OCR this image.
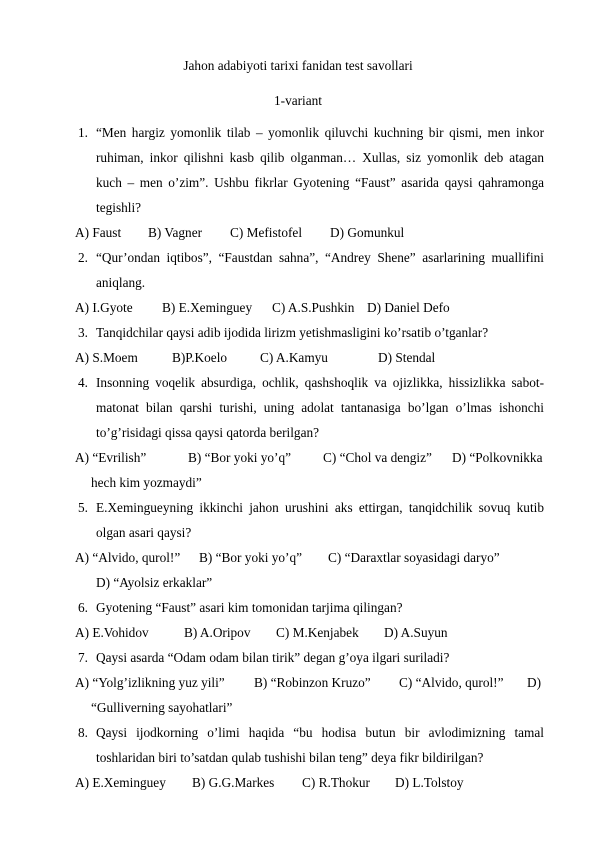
Jahon adabiyoti tarixi fanidan test savollari
1-variant
1. “Men hargiz yomonlik tilab – yomonlik qiluvchi kuchning bir qismi, men inkor
ruhiman, inkor qilishni kasb qilib olganman… Xullas, siz yomonlik deb atagan
kuch – men o’zim”. Ushbu fikrlar Gyotening “Faust” asarida qaysi qahramonga
tegishli?
A) Faust B) Vagner C) Mefistofel D) Gomunkul
2. “Qur’ondan iqtibos”, “Faustdan sahna”, “Andrey Shene” asarlarining muallifini
aniqlang.
A) I.Gyote B) E.Xeminguey C) A.S.Pushkin D) Daniel Defo
3. Tanqidchilar qaysi adib ijodida lirizm yetishmasligini ko’rsatib o’tganlar?
A) S.Moem	B)P.Koelo C) A.Kamyu	D) Stendal
4. Insonning voqelik absurdiga, ochlik, qashshoqlik va ojizlikka, hissizlikka sabot-
matonat bilan qarshi turishi, uning adolat tantanasiga bo’lgan o’lmas ishonchi
to’g’risidagi qissa qaysi qatorda berilgan?
A) “Evrilish”	B) “Bor yoki yo’q” C) “Chol va dengiz” D) “Polkovnikka
hech kim yozmaydi”
5. E.Xemingueyning ikkinchi jahon urushini aks ettirgan, tanqidchilik sovuq kutib
olgan asari qaysi?
A) “Alvido, qurol!” B) “Bor yoki yo’q” C) “Daraxtlar soyasidagi daryo”
D) “Ayolsiz erkaklar”
6. Gyotening “Faust” asari kim tomonidan tarjima qilingan?
A) E.Vohidov	B) A.Oripov C) M.Kenjabek D) A.Suyun
7. Qaysi asarda “Odam odam bilan tirik” degan g’oya ilgari suriladi?
A) “Yolg’izlikning yuz yili” B) “Robinzon Kruzo” C) “Alvido, qurol!” D)
“Gulliverning sayohatlari”
8. Qaysi ijodkorning o’limi haqida “bu hodisa butun bir avlodimizning tamal
toshlaridan biri to’satdan qulab tushishi bilan teng” deya fikr bildirilgan?
A) E.Xeminguey B) G.G.Markes C) R.Thokur D) L.Tolstoy
